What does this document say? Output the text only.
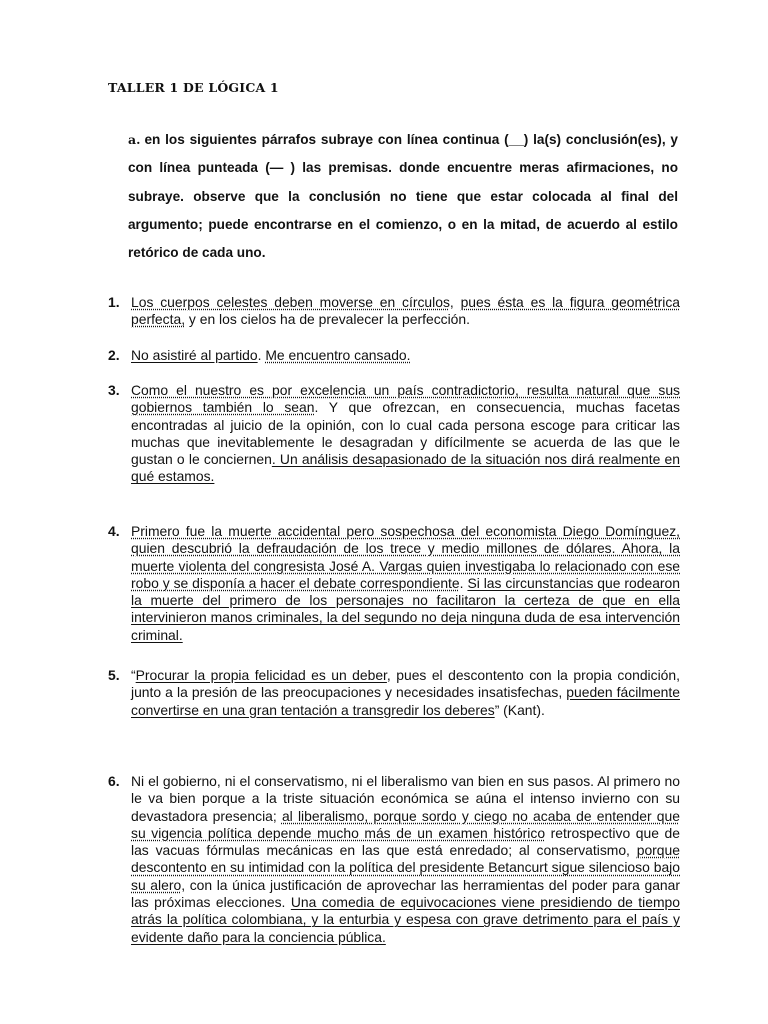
TALLER 1 DE LÓGICA 1
a. en los siguientes párrafos subraye con línea continua (__) la(s) conclusión(es), y con línea punteada (— ) las premisas. donde encuentre meras afirmaciones, no subraye. observe que la conclusión no tiene que estar colocada al final del argumento; puede encontrarse en el comienzo, o en la mitad, de acuerdo al estilo retórico de cada uno.
1. Los cuerpos celestes deben moverse en círculos, pues ésta es la figura geométrica perfecta, y en los cielos ha de prevalecer la perfección.
2. No asistiré al partido. Me encuentro cansado.
3. Como el nuestro es por excelencia un país contradictorio, resulta natural que sus gobiernos también lo sean. Y que ofrezcan, en consecuencia, muchas facetas encontradas al juicio de la opinión, con lo cual cada persona escoge para criticar las muchas que inevitablemente le desagradan y difícilmente se acuerda de las que le gustan o le conciernen. Un análisis desapasionado de la situación nos dirá realmente en qué estamos.
4. Primero fue la muerte accidental pero sospechosa del economista Diego Domínguez, quien descubrió la defraudación de los trece y medio millones de dólares. Ahora, la muerte violenta del congresista José A. Vargas quien investigaba lo relacionado con ese robo y se disponía a hacer el debate correspondiente. Si las circunstancias que rodearon la muerte del primero de los personajes no facilitaron la certeza de que en ella intervinieron manos criminales, la del segundo no deja ninguna duda de esa intervención criminal.
5. “Procurar la propia felicidad es un deber, pues el descontento con la propia condición, junto a la presión de las preocupaciones y necesidades insatisfechas, pueden fácilmente convertirse en una gran tentación a transgredir los deberes” (Kant).
6. Ni el gobierno, ni el conservatismo, ni el liberalismo van bien en sus pasos. Al primero no le va bien porque a la triste situación económica se aúna el intenso invierno con su devastadora presencia; al liberalismo, porque sordo y ciego no acaba de entender que su vigencia política depende mucho más de un examen histórico retrospectivo que de las vacuas fórmulas mecánicas en las que está enredado; al conservatismo, porque descontento en su intimidad con la política del presidente Betancurt sigue silencioso bajo su alero, con la única justificación de aprovechar las herramientas del poder para ganar las próximas elecciones. Una comedia de equivocaciones viene presidiendo de tiempo atrás la política colombiana, y la enturbia y espesa con grave detrimento para el país y evidente daño para la conciencia pública.
